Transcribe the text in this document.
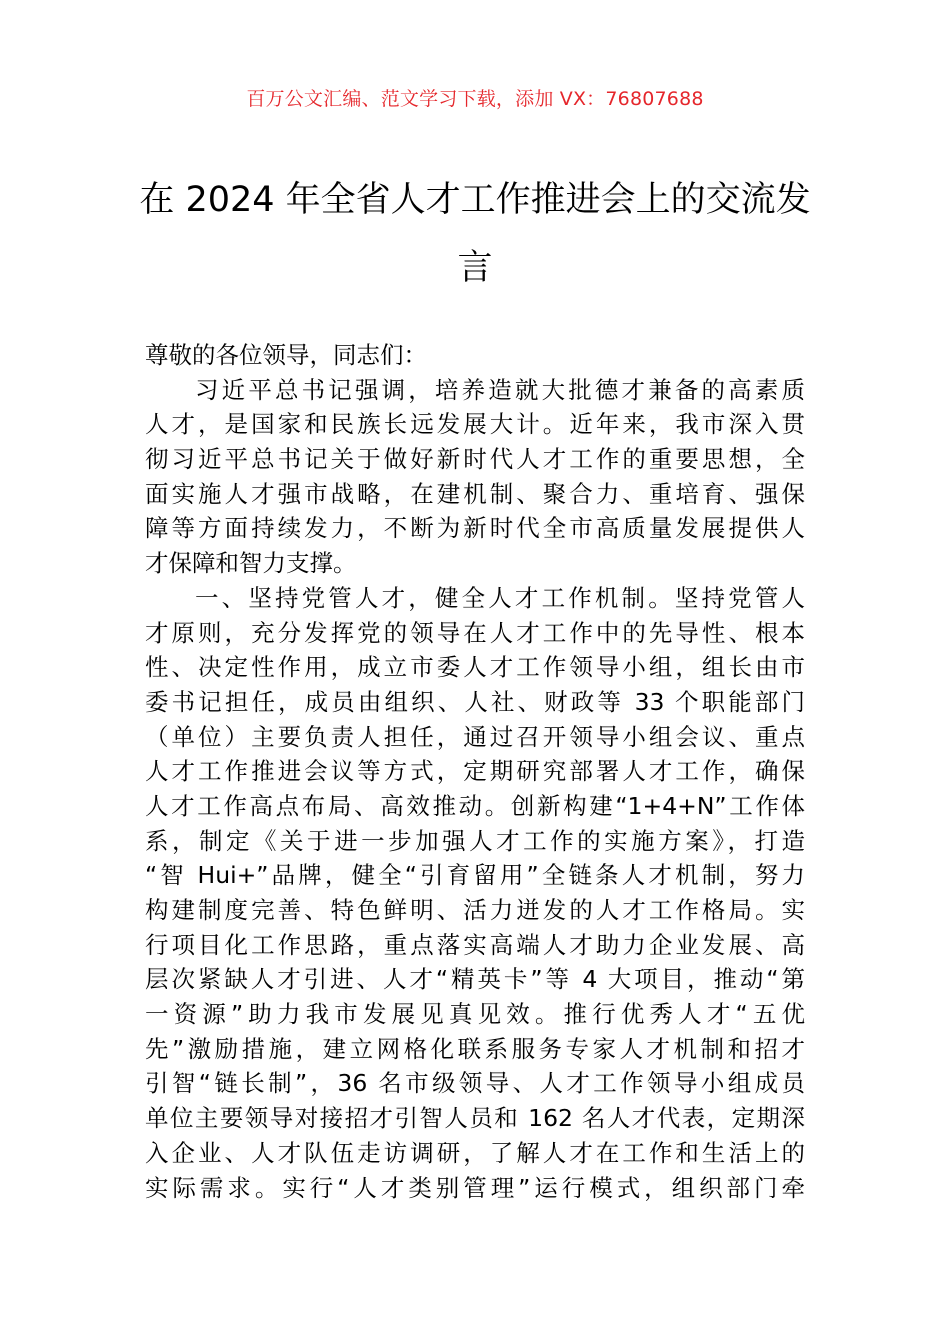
百万公文汇编、范文学习下载，添加 VX：76807688
在 2024 年全省人才工作推进会上的交流发
言
尊敬的各位领导，同志们：
习近平总书记强调，培养造就大批德才兼备的高素质
人才，是国家和民族长远发展大计。近年来，我市深入贯
彻习近平总书记关于做好新时代人才工作的重要思想，全
面实施人才强市战略，在建机制、聚合力、重培育、强保
障等方面持续发力，不断为新时代全市高质量发展提供人
才保障和智力支撑。
一、坚持党管人才，健全人才工作机制。坚持党管人
才原则，充分发挥党的领导在人才工作中的先导性、根本
性、决定性作用，成立市委人才工作领导小组，组长由市
委书记担任，成员由组织、人社、财政等 33 个职能部门
（单位）主要负责人担任，通过召开领导小组会议、重点
人才工作推进会议等方式，定期研究部署人才工作，确保
人才工作高点布局、高效推动。创新构建“1+4+N”工作体
系，制定《关于进一步加强人才工作的实施方案》，打造
“智 Hui+”品牌，健全“引育留用”全链条人才机制，努力
构建制度完善、特色鲜明、活力迸发的人才工作格局。实
行项目化工作思路，重点落实高端人才助力企业发展、高
层次紧缺人才引进、人才“精英卡”等 4 大项目，推动“第
一资源”助力我市发展见真见效。推行优秀人才“五优
先”激励措施，建立网格化联系服务专家人才机制和招才
引智“链长制”，36 名市级领导、人才工作领导小组成员
单位主要领导对接招才引智人员和 162 名人才代表，定期深
入企业、人才队伍走访调研，了解人才在工作和生活上的
实际需求。实行“人才类别管理”运行模式，组织部门牵
